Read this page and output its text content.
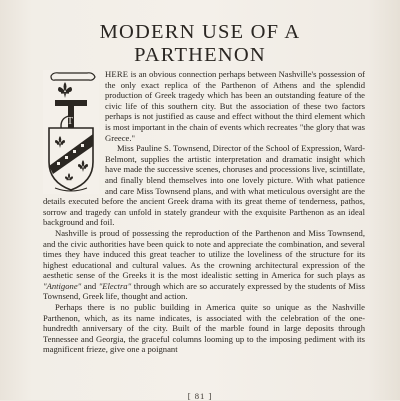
MODERN USE OF A
PARTHENON
T

HERE is an obvious connection perhaps between Nashville's possession of the only exact replica of the Parthenon of Athens and the splendid production of Greek tragedy which has been an outstanding feature of the civic life of this southern city. But the association of these two factors perhaps is not justified as cause and effect without the third element which is most important in the chain of events which recreates "the glory that was Greece."

Miss Pauline S. Townsend, Director of the School of Expression, Ward-Belmont, supplies the artistic interpretation and dramatic insight which have made the successive scenes, choruses and processions live, scintillate, and finally blend themselves into one lovely picture. With what patience and care Miss Townsend plans, and with what meticulous oversight are the details executed before the ancient Greek drama with its great theme of tenderness, pathos, sorrow and tragedy can unfold in stately grandeur with the exquisite Parthenon as an ideal background and foil.

Nashville is proud of possessing the reproduction of the Parthenon and Miss Townsend, and the civic authorities have been quick to note and appreciate the combination, and several times they have induced this great teacher to utilize the loveliness of the structure for its highest educational and cultural values. As the crowning architectural expression of the aesthetic sense of the Greeks it is the most idealistic setting in America for such plays as "Antigone" and "Electra" through which are so accurately expressed by the students of Miss Townsend, Greek life, thought and action.

Perhaps there is no public building in America quite so unique as the Nashville Parthenon, which, as its name indicates, is associated with the celebration of the one-hundredth anniversary of the city. Built of the marble found in large deposits through Tennessee and Georgia, the graceful columns looming up to the imposing pediment with its magnificent frieze, give one a poignant

[ 81 ]
